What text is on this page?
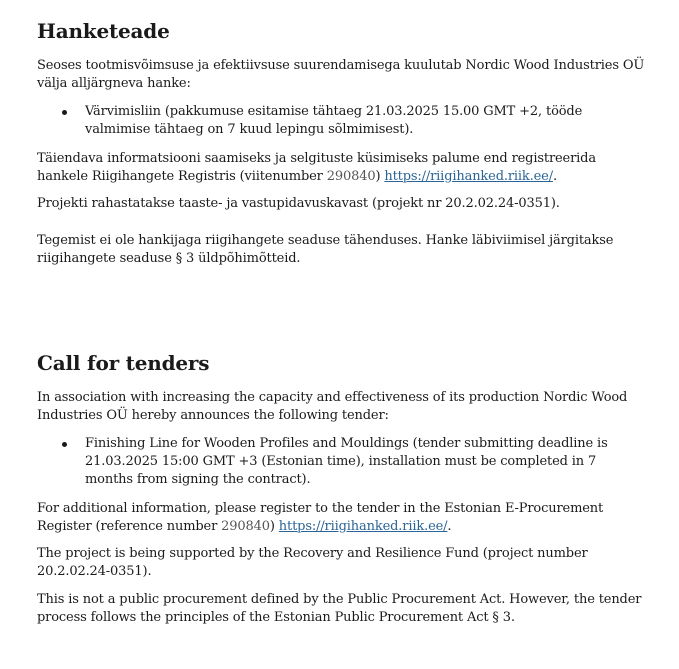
Hanketeade

Seoses tootmisvõimsuse ja efektiivsuse suurendamisega kuulutab Nordic Wood Industries OÜ välja alljärgneva hanke:

Värvimisliin (pakkumuse esitamise tähtaeg 21.03.2025 15.00 GMT +2, tööde valmimise tähtaeg on 7 kuud lepingu sõlmimisest).

Täiendava informatsiooni saamiseks ja selgituste küsimiseks palume end registreerida hankele Riigihangete Registris (viitenumber 290840) https://riigihanked.riik.ee/.

Projekti rahastatakse taaste- ja vastupidavuskavast (projekt nr 20.2.02.24-0351).

Tegemist ei ole hankijaga riigihangete seaduse tähenduses. Hanke läbiviimisel järgitakse riigihangete seaduse § 3 üldpõhimõtteid.

Call for tenders

In association with increasing the capacity and effectiveness of its production Nordic Wood Industries OÜ hereby announces the following tender:

Finishing Line for Wooden Profiles and Mouldings (tender submitting deadline is 21.03.2025 15:00 GMT +3 (Estonian time), installation must be completed in 7 months from signing the contract).

For additional information, please register to the tender in the Estonian E-Procurement Register (reference number 290840) https://riigihanked.riik.ee/.

The project is being supported by the Recovery and Resilience Fund (project number 20.2.02.24-0351).

This is not a public procurement defined by the Public Procurement Act. However, the tender process follows the principles of the Estonian Public Procurement Act § 3.
